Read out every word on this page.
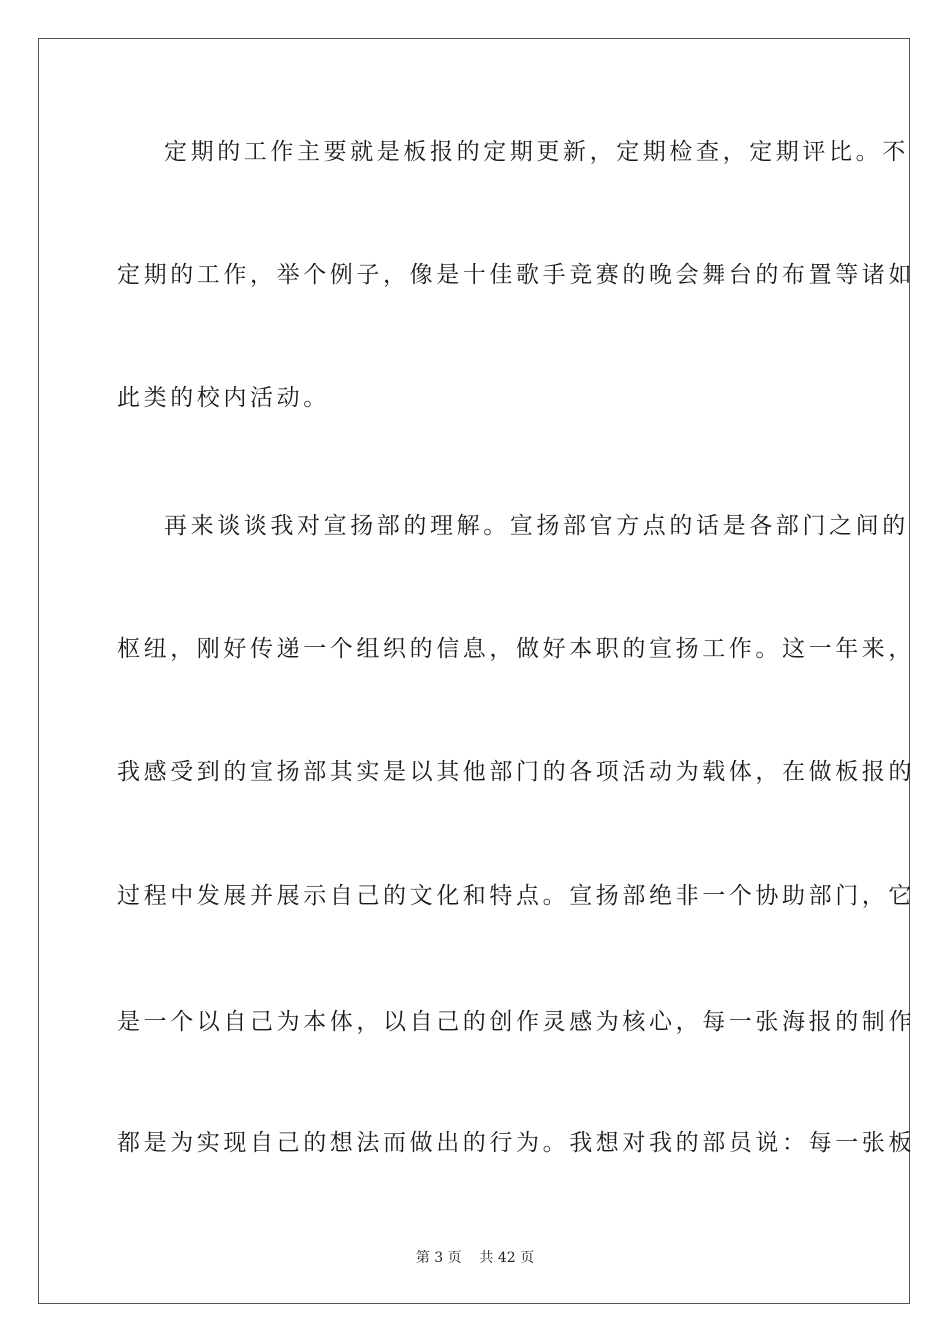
定期的工作主要就是板报的定期更新，定期检查，定期评比。不
定期的工作，举个例子，像是十佳歌手竞赛的晚会舞台的布置等诸如
此类的校内活动。
再来谈谈我对宣扬部的理解。宣扬部官方点的话是各部门之间的
枢纽，刚好传递一个组织的信息，做好本职的宣扬工作。这一年来，
我感受到的宣扬部其实是以其他部门的各项活动为载体，在做板报的
过程中发展并展示自己的文化和特点。宣扬部绝非一个协助部门，它
是一个以自己为本体，以自己的创作灵感为核心，每一张海报的制作
都是为实现自己的想法而做出的行为。我想对我的部员说：每一张板
第 3 页    共 42 页
